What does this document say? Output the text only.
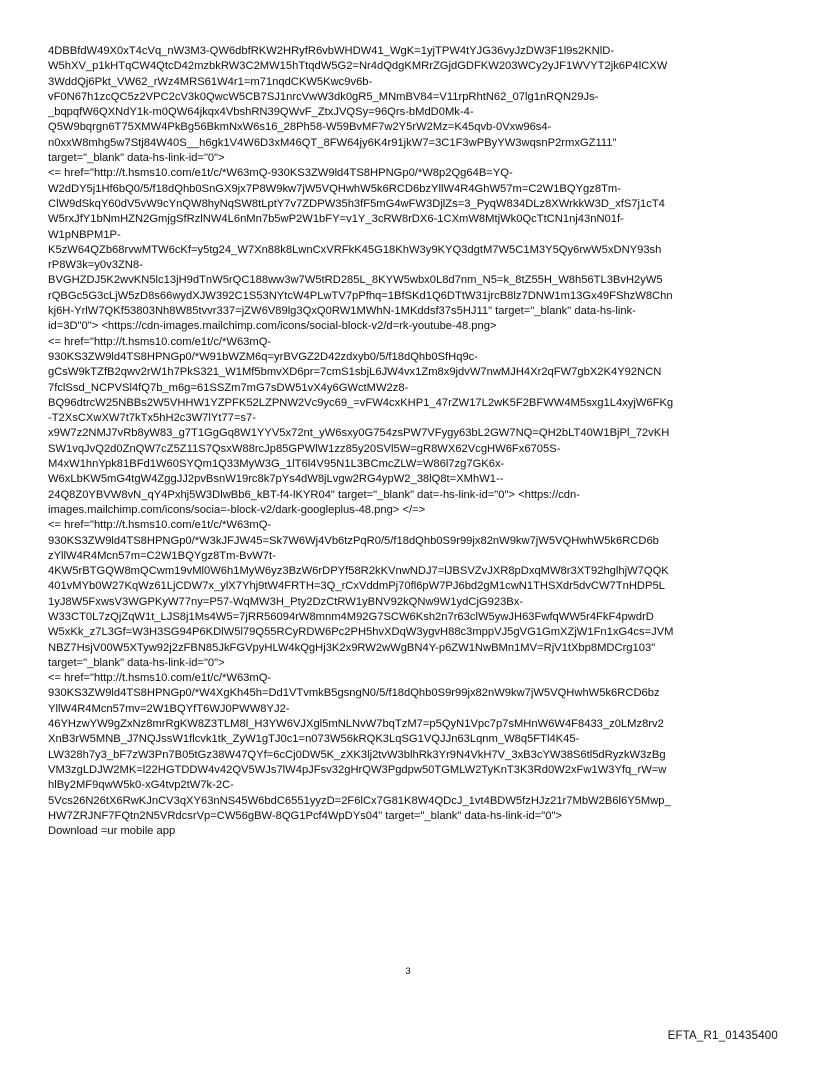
4DBBfdW49X0xT4cVq_nW3M3-QW6dbfRKW2HRyfR6vbWHDW41_WgK=1yjTPW4tYJG36vyJzDW3F1l9s2KNlD-
W5hXV_p1kHTqCW4QtcD42mzbkRW3C2MW15hTtqdW5G2=Nr4dQdgKMRrZGjdGDFKW203WCy2yJF1WVYT2jk6P4lCXW
3WddQj6Pkt_VW62_rWz4MRS61W4r1=m71nqdCKW5Kwc9v6b-
vF0N67h1zcQC5z2VPC2cV3k0QwcW5CB7SJ1nrcVwW3dk0gR5_MNmBV84=V11rpRhtN62_07lg1nRQN29Js-
_bqpqfW6QXNdY1k-m0QW64jkqx4VbshRN39QWvF_ZtxJVQSy=96Qrs-bMdD0Mk-4-
Q5W9bqrgn6T75XMW4PkBg56BkmNxW6s16_28Ph58-W59BvMF7w2Y5rW2Mz=K45qvb-0Vxw96s4-
n0xxW8mhg5w7Stj84W40S__h6gk1V4W6D3xM46QT_8FW64jy6K4r91jkW7=3C1F3wPByYW3wqsnP2rmxGZ111"
target="_blank" data-hs-link-id="0">
<= href="http://t.hsms10.com/e1t/c/*W63mQ-930KS3ZW9ld4TS8HPNGp0/*W8p2Qg64B=YQ-
W2dDY5j1Hf6bQ0/5/f18dQhb0SnGX9jx7P8W9kw7jW5VQHwhW5k6RCD6bzYllW4R4GhW57m=C2W1BQYgz8Tm-
ClW9dSkqY60dV5vW9cYnQW8hyNqSW8tLptY7v7ZDPW35h3fF5mG4wFW3DjlZs=3_PyqW834DLz8XWrkkW3D_xfS7j1cT4
W5rxJfY1bNmHZN2GmjgSfRzlNW4L6nMn7b5wP2W1bFY=v1Y_3cRW8rDX6-1CXmW8MtjWk0QcTtCN1nj43nN01f-
W1pNBPM1P-
K5zW64QZb68rvwMTW6cKf=y5tg24_W7Xn88k8LwnCxVRFkK45G18KhW3y9KYQ3dgtM7W5C1M3Y5Qy6rwW5xDNY93sh
rP8W3k=y0v3ZN8-
BVGHZDJ5K2wvKN5lc13jH9dTnW5rQC188ww3w7W5tRD285L_8KYW5wbx0L8d7nm_N5=k_8tZ55H_W8h56TL3BvH2yW5
rQBGc5G3cLjW5zD8s66wydXJW392C1S53NYtcW4PLwTV7pPfhq=1BfSKd1Q6DTtW31jrcB8lz7DNW1m13Gx49FShzW8Chn
kj6H-YrlW7QKf53803Nh8W85tvvr337=jZW6V89lg3QxQ0RW1MWhN-1MKddsf37s5HJ11" target="_blank" data-hs-link-
id=3D"0"> <https://cdn-images.mailchimp.com/icons/social-block-v2/d=rk-youtube-48.png>
<= href="http://t.hsms10.com/e1t/c/*W63mQ-
930KS3ZW9ld4TS8HPNGp0/*W91bWZM6q=yrBVGZ2D42zdxyb0/5/f18dQhb0SfHq9c-
gCsW9kTZfB2qwv2rW1h7PkS321_W1Mf5bmvXD6pr=7cmS1sbjL6JW4vx1Zm8x9jdvW7nwMJH4Xr2qFW7gbX2K4Y92NCN
7fclSsd_NCPVSl4fQ7b_m6g=61SSZm7mG7sDW51vX4y6GWctMW2z8-
BQ96dtrcW25NBBs2W5VHHW1YZPFK52LZPNW2Vc9yc69_=vFW4cxKHP1_47rZW17L2wK5F2BFWW4M5sxg1L4xyjW6FKg
-T2XsCXwXW7t7kTx5hH2c3W7lYt77=s7-
x9W7z2NMJ7vRb8yW83_g7T1GgGq8W1YYV5x72nt_yW6sxy0G754zsPW7VFygy63bL2GW7NQ=QH2bLT40W1BjPl_72vKH
SW1vqJvQ2d0ZnQW7cZ5Z11S7QsxW88rcJp85GPWlW1zz85y20SVl5W=gR8WX62VcgHW6Fx6705S-
M4xW1hnYpk81BFd1W60SYQm1Q33MyW3G_1lT6l4V95N1L3BCmcZLW=W86l7zg7GK6x-
W6xLbKW5mG4tgW4ZggJJ2pvBsnW19rc8k7pYs4dW8jLvgw2RG4ypW2_38lQ8t=XMhW1--
24Q8Z0YBVW8vN_qY4Pxhj5W3DlwBb6_kBT-f4-lKYR04" target="_blank" dat=-hs-link-id="0"> <https://cdn-
images.mailchimp.com/icons/socia=-block-v2/dark-googleplus-48.png> </=>
<= href="http://t.hsms10.com/e1t/c/*W63mQ-
930KS3ZW9ld4TS8HPNGp0/*W3kJFJW45=Sk7W6Wj4Vb6tzPqR0/5/f18dQhb0S9r99jx82nW9kw7jW5VQHwhW5k6RCD6b
zYllW4R4Mcn57m=C2W1BQYgz8Tm-BvW7t-
4KW5rBTGQW8mQCwm19vMl0W6h1MyW6yz3BzW6rDPYf58R2kKVnwNDJ7=lJBSVZvJXR8pDxqMW8r3XT92hglhjW7QQK
401vMYb0W27KqWz61LjCDW7x_ylX7Yhj9tW4FRTH=3Q_rCxVddmPj70fl6pW7PJ6bd2gM1cwN1THSXdr5dvCW7TnHDP5L
1yJ8W5FxwsV3WGPKyW77ny=P57-WqMW3H_Pty2DzCtRW1yBNV92kQNw9W1ydCjG923Bx-
W33CT0L7zQjZqW1t_LJS8j1Ms4W5=7jRR56094rW8mnm4M92G7SCW6Ksh2n7r63clW5ywJH63FwfqWW5r4FkF4pwdrD
W5xKk_z7L3Gf=W3H3SG94P6KDlW5l79Q55RCyRDW6Pc2PH5hvXDqW3ygvH88c3mppVJ5gVG1GmXZjW1Fn1xG4cs=JVM
NBZ7HsjV00W5XTyw92j2zFBN85JkFGVpyHLW4kQgHj3K2x9RW2wWgBN4Y-p6ZW1NwBMn1MV=RjV1tXbp8MDCrg103"
target="_blank" data-hs-link-id="0">
<= href="http://t.hsms10.com/e1t/c/*W63mQ-
930KS3ZW9ld4TS8HPNGp0/*W4XgKh45h=Dd1VTvmkB5gsngN0/5/f18dQhb0S9r99jx82nW9kw7jW5VQHwhW5k6RCD6bz
YllW4R4Mcn57mv=2W1BQYfT6WJ0PWW8YJ2-
46YHzwYW9gZxNz8mrRgKW8Z3TLM8l_H3YW6VJXgl5mNLNvW7bqTzM7=p5QyN1Vpc7p7sMHnW6W4F8433_z0LMz8rv2
XnB3rW5MNB_J7NQJssW1flcvk1tk_ZyW1gTJ0c1=n073W56kRQK3LqSG1VQJJn63Lqnm_W8q5FTl4K45-
LW328h7y3_bF7zW3Pn7B05tGz38W47QYf=6cCj0DW5K_zXK3lj2tvW3blhRk3Yr9N4VkH7V_3xB3cYW38S6tl5dRyzkW3zBg
VM3zgLDJW2MK=l22HGTDDW4v42QV5WJs7lW4pJFsv32gHrQW3Pgdpw50TGMLW2TyKnT3K3Rd0W2xFw1W3Yfq_rW=w
hlBy2MF9qwW5k0-xG4tvp2tW7k-2C-
5Vcs26N26tX6RwKJnCV3qXY63nNS45W6bdC6551yyzD=2F6lCx7G81K8W4QDcJ_1vt4BDW5fzHJz21r7MbW2B6l6Y5Mwp_
HW7ZRJNF7FQtn2N5VRdcsrVp=CW56gBW-8QG1Pcf4WpDYs04" target="_blank" data-hs-link-id="0">
Download =ur mobile app
3
EFTA_R1_01435400
